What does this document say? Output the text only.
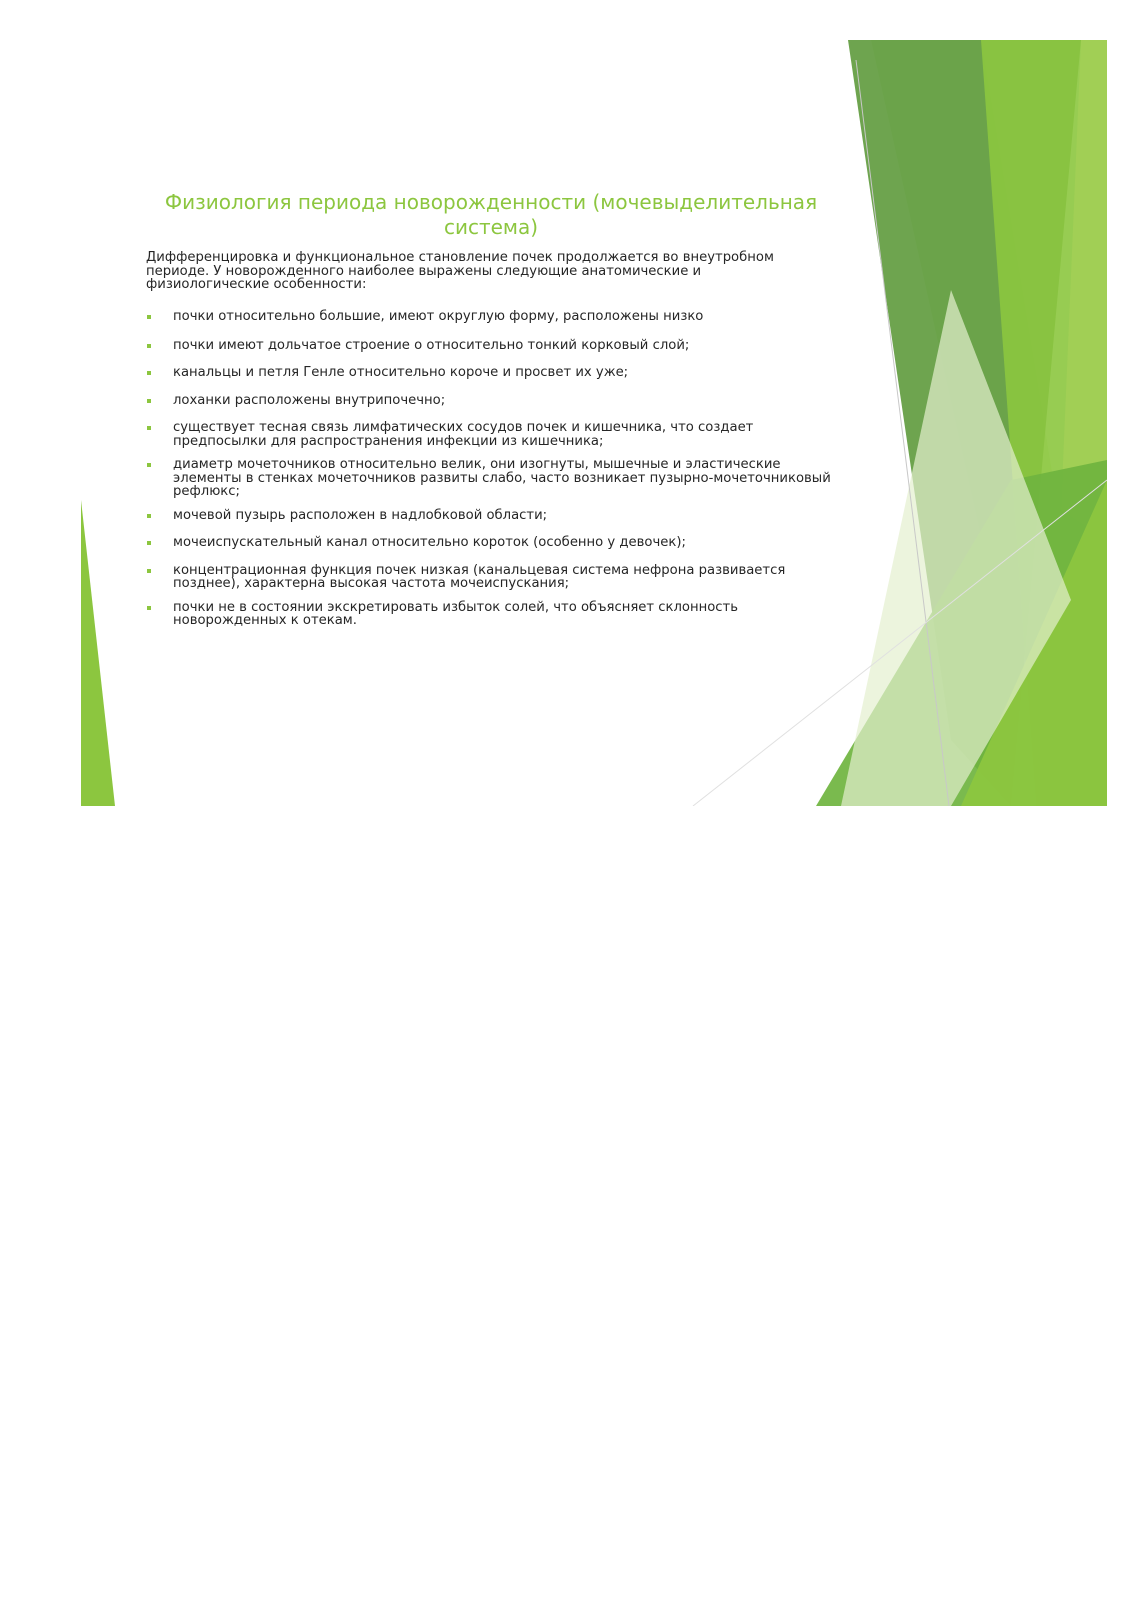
Физиология периода новорожденности (мочевыделительная система)

Дифференцировка и функциональное становление почек продолжается во внеутробном периоде. У новорожденного наиболее выражены следующие анатомические и физиологические особенности:

почки относительно большие, имеют округлую форму, расположены низко
почки имеют дольчатое строение о относительно тонкий корковый слой;
канальцы и петля Генле относительно короче и просвет их уже;
лоханки расположены внутрипочечно;
существует тесная связь лимфатических сосудов почек и кишечника, что создает предпосылки для распространения инфекции из кишечника;
диаметр мочеточников относительно велик, они изогнуты, мышечные и эластические элементы в стенках мочеточников развиты слабо, часто возникает пузырно-мочеточниковый рефлюкс;
мочевой пузырь расположен в надлобковой области;
мочеиспускательный канал относительно короток (особенно у девочек);
концентрационная функция почек низкая (канальцевая система нефрона развивается позднее), характерна высокая частота мочеиспускания;
почки не в состоянии экскретировать избыток солей, что объясняет склонность новорожденных к отекам.
